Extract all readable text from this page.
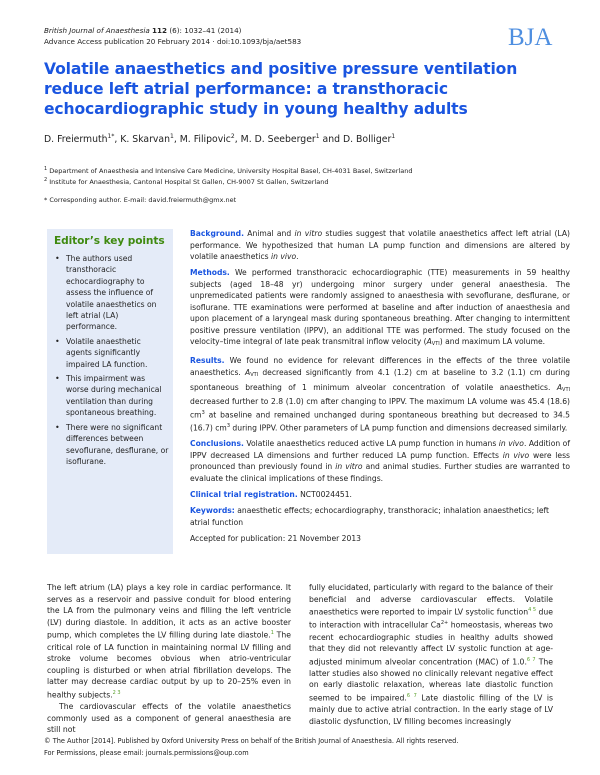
British Journal of Anaesthesia 112 (6): 1032–41 (2014)
Advance Access publication 20 February 2014 · doi:10.1093/bja/aet583	BJA
Volatile anaesthetics and positive pressure ventilation reduce left atrial performance: a transthoracic echocardiographic study in young healthy adults
D. Freiermuth$^{1*}$, K. Skarvan$^1$, M. Filipovic$^2$, M. D. Seeberger$^1$ and D. Bolliger$^1$
$^1$ Department of Anaesthesia and Intensive Care Medicine, University Hospital Basel, CH-4031 Basel, Switzerland
$^2$ Institute for Anaesthesia, Cantonal Hospital St Gallen, CH-9007 St Gallen, Switzerland
* Corresponding author. E-mail: david.freiermuth@gmx.net
Editor’s key points
• The authors used transthoracic echocardiography to assess the influence of volatile anaesthetics on left atrial (LA) performance.
• Volatile anaesthetic agents significantly impaired LA function.
• This impairment was worse during mechanical ventilation than during spontaneous breathing.
• There were no significant differences between sevoflurane, desflurane, or isoflurane.

Background. Animal and in vitro studies suggest that volatile anaesthetics affect left atrial (LA) performance. We hypothesized that human LA pump function and dimensions are altered by volatile anaesthetics in vivo.

Methods. We performed transthoracic echocardiographic (TTE) measurements in 59 healthy subjects (aged 18–48 yr) undergoing minor surgery under general anaesthesia. The unpremedicated patients were randomly assigned to anaesthesia with sevoflurane, desflurane, or isoflurane. TTE examinations were performed at baseline and after induction of anaesthesia and upon placement of a laryngeal mask during spontaneous breathing. After changing to intermittent positive pressure ventilation (IPPV), an additional TTE was performed. The study focused on the velocity–time integral of late peak transmitral inflow velocity $(A_{VTI})$ and maximum LA volume.

Results. We found no evidence for relevant differences in the effects of the three volatile anaesthetics. $A_{VTI}$ decreased significantly from 4.1 (1.2) cm at baseline to 3.2 (1.1) cm during spontaneous breathing of 1 minimum alveolar concentration of volatile anaesthetics. $A_{VTI}$ decreased further to 2.8 (1.0) cm after changing to IPPV. The maximum LA volume was 45.4 (18.6) $cm^3$ at baseline and remained unchanged during spontaneous breathing but decreased to 34.5 (16.7) $cm^3$ during IPPV. Other parameters of LA pump function and dimensions decreased similarly.

Conclusions. Volatile anaesthetics reduced active LA pump function in humans in vivo. Addition of IPPV decreased LA dimensions and further reduced LA pump function. Effects in vivo were less pronounced than previously found in in vitro and animal studies. Further studies are warranted to evaluate the clinical implications of these findings.

Clinical trial registration. NCT0024451.

Keywords: anaesthetic effects; echocardiography, transthoracic; inhalation anaesthetics; left atrial function

Accepted for publication: 21 November 2013

The left atrium (LA) plays a key role in cardiac performance. It serves as a reservoir and passive conduit for blood entering the LA from the pulmonary veins and filling the left ventricle (LV) during diastole. In addition, it acts as an active booster pump, which completes the LV filling during late diastole.$^1$ The critical role of LA function in maintaining normal LV filling and stroke volume becomes obvious when atrio-ventricular coupling is disturbed or when atrial fibrillation develops. The latter may decrease cardiac output by up to 20–25% even in healthy subjects.$^{2 3}$

The cardiovascular effects of the volatile anaesthetics commonly used as a component of general anaesthesia are still not

fully elucidated, particularly with regard to the balance of their beneficial and adverse cardiovascular effects. Volatile anaesthetics were reported to impair LV systolic function$^{4 5}$ due to interaction with intracellular $Ca^{2+}$ homeostasis, whereas two recent echocardiographic studies in healthy adults showed that they did not relevantly affect LV systolic function at age-adjusted minimum alveolar concentration (MAC) of 1.0.$^{6 7}$ The latter studies also showed no clinically relevant negative effect on early diastolic relaxation, whereas late diastolic function seemed to be impaired.$^{6 7}$ Late diastolic filling of the LV is mainly due to active atrial contraction. In the early stage of LV diastolic dysfunction, LV filling becomes increasingly

© The Author [2014]. Published by Oxford University Press on behalf of the British Journal of Anaesthesia. All rights reserved.
For Permissions, please email: journals.permissions@oup.com
